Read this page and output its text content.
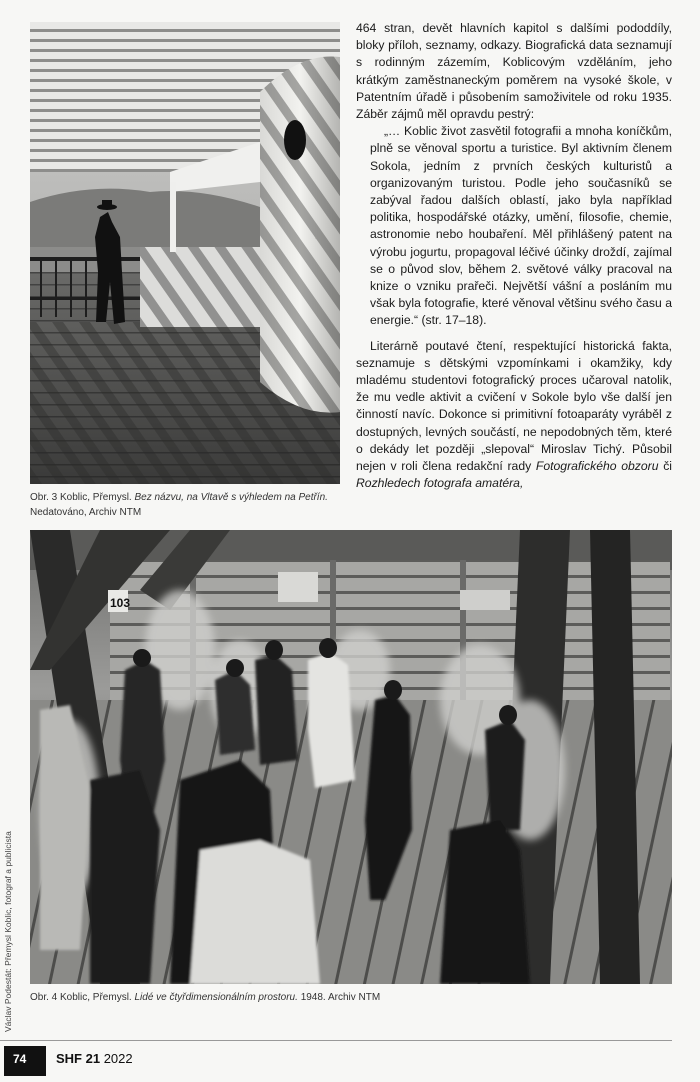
Obr. 3 Koblic, Přemysl. Bez názvu, na Vltavě s výhledem na Petřín.
Nedatováno, Archiv NTM

464 stran, devět hlavních kapitol s dalšími pododdíly, bloky příloh, seznamy, odkazy. Biografická data seznamují s rodinným zázemím, Koblicovým vzděláním, jeho krátkým zaměstnaneckým poměrem na vysoké škole, v Patentním úřadě i působením samoživitele od roku 1935. Záběr zájmů měl opravdu pestrý:

„… Koblic život zasvětil fotografii a mnoha koníčkům, plně se věnoval sportu a turistice. Byl aktivním členem Sokola, jedním z prvních českých kulturistů a organizovaným turistou. Podle jeho současníků se zabýval řadou dalších oblastí, jako byla například politika, hospodářské otázky, umění, filosofie, chemie, astronomie nebo houbaření. Měl přihlášený patent na výrobu jogurtu, propagoval léčivé účinky droždí, zajímal se o původ slov, během 2. světové války pracoval na knize o vzniku prařeči. Největší vášní a posláním mu však byla fotografie, které věnoval většinu svého času a energie.“ (str. 17–18).

Literárně poutavé čtení, respektující historická fakta, seznamuje s dětskými vzpomínkami i okamžiky, kdy mladému studentovi fotografický proces učaroval natolik, že mu vedle aktivit a cvičení v Sokole bylo vše další jen činností navíc. Dokonce si primitivní fotoaparáty vyráběl z dostupných, levných součástí, ne nepodobných těm, které o dekády let později „slepoval“ Miroslav Tichý. Působil nejen v roli člena redakční rady Fotografického obzoru či Rozhledech fotografa amatéra,

103
Obr. 4 Koblic, Přemysl. Lidé ve čtyřdimensionálním prostoru. 1948. Archiv NTM
Václav Podestát: Přemysl Koblic, fotograf a publicista
74 SHF 21 2022
